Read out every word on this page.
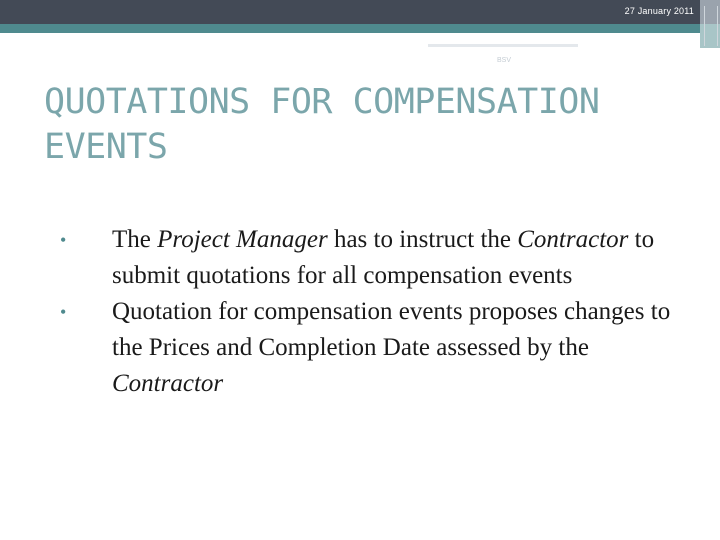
27 January 2011
BSV
QUOTATIONS FOR COMPENSATION EVENTS
• The Project Manager has to instruct the Contractor to submit quotations for all compensation events
• Quotation for compensation events proposes changes to the Prices and Completion Date assessed by the Contractor
